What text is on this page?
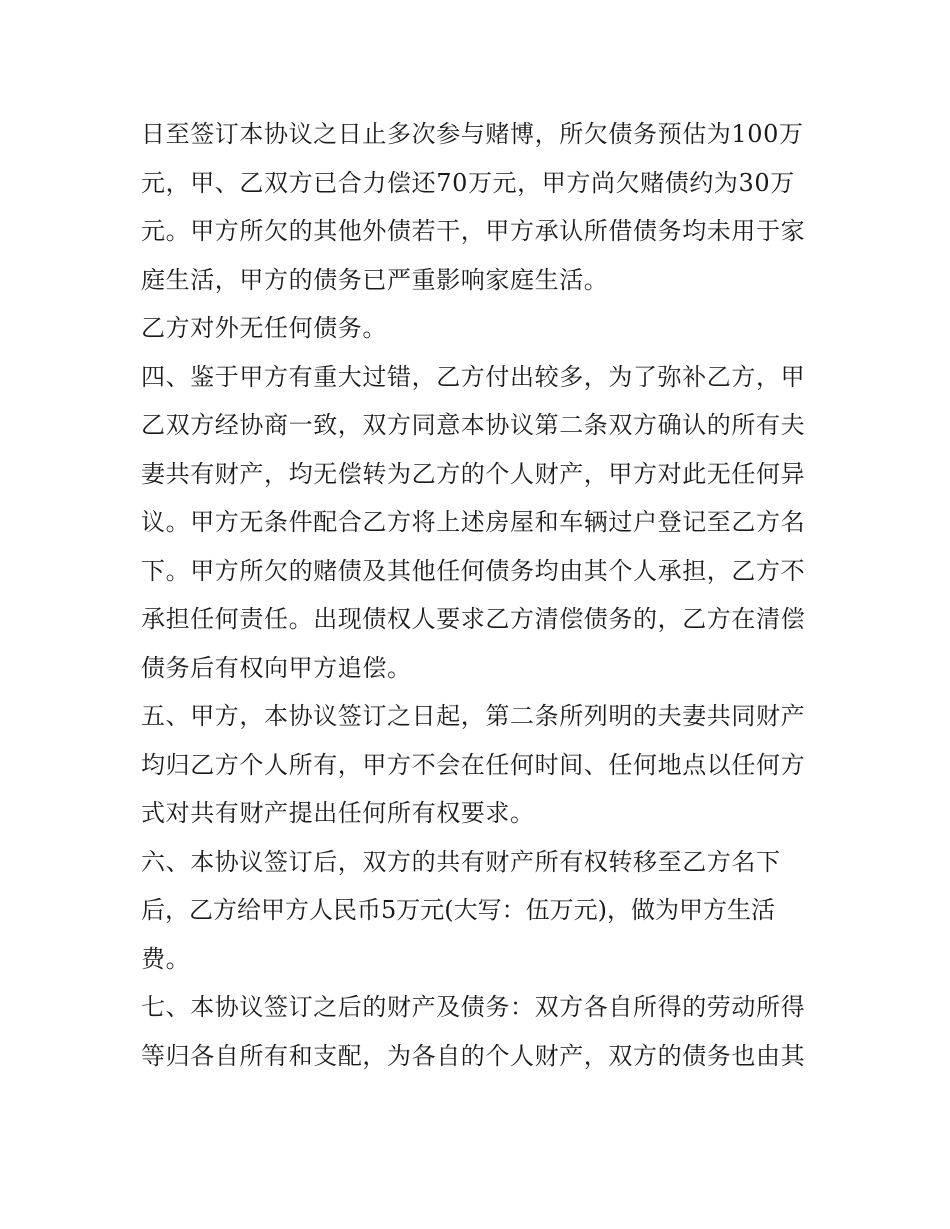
日至签订本协议之日止多次参与赌博，所欠债务预估为100万
元，甲、乙双方已合力偿还70万元，甲方尚欠赌债约为30万
元。甲方所欠的其他外债若干，甲方承认所借债务均未用于家
庭生活，甲方的债务已严重影响家庭生活。
乙方对外无任何债务。
四、鉴于甲方有重大过错，乙方付出较多，为了弥补乙方，甲
乙双方经协商一致，双方同意本协议第二条双方确认的所有夫
妻共有财产，均无偿转为乙方的个人财产，甲方对此无任何异
议。甲方无条件配合乙方将上述房屋和车辆过户登记至乙方名
下。甲方所欠的赌债及其他任何债务均由其个人承担，乙方不
承担任何责任。出现债权人要求乙方清偿债务的，乙方在清偿
债务后有权向甲方追偿。
五、甲方，本协议签订之日起，第二条所列明的夫妻共同财产
均归乙方个人所有，甲方不会在任何时间、任何地点以任何方
式对共有财产提出任何所有权要求。
六、本协议签订后，双方的共有财产所有权转移至乙方名下
后，乙方给甲方人民币5万元(大写：伍万元)，做为甲方生活
费。
七、本协议签订之后的财产及债务：双方各自所得的劳动所得
等归各自所有和支配，为各自的个人财产，双方的债务也由其
